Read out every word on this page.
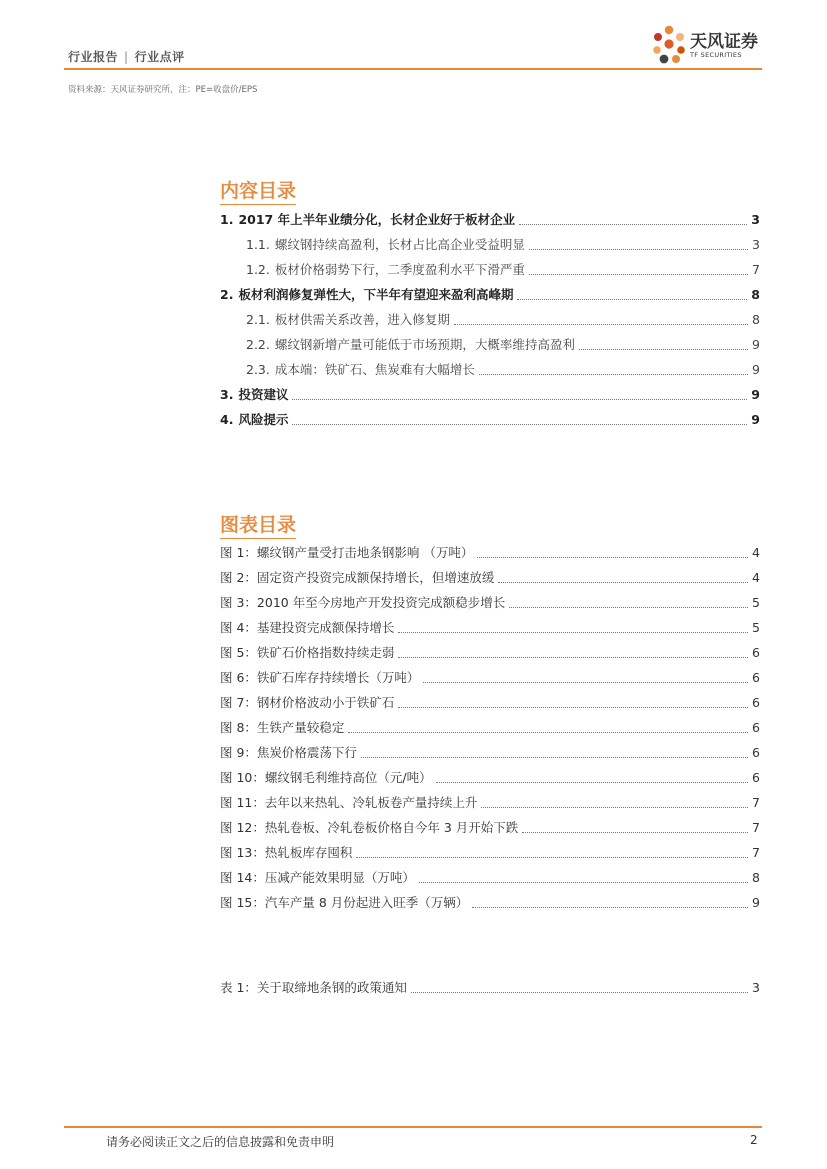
行业报告 | 行业点评
天风证券
TF SECURITIES
资料来源：天风证券研究所，注：PE=收盘价/EPS
内容目录
1. 2017 年上半年业绩分化，长材企业好于板材企业	3
1.1. 螺纹钢持续高盈利，长材占比高企业受益明显	3
1.2. 板材价格弱势下行，二季度盈利水平下滑严重	7
2. 板材利润修复弹性大，下半年有望迎来盈利高峰期	8
2.1. 板材供需关系改善，进入修复期	8
2.2. 螺纹钢新增产量可能低于市场预期，大概率维持高盈利	9
2.3. 成本端：铁矿石、焦炭难有大幅增长	9
3. 投资建议	9
4. 风险提示	9
图表目录
图 1：螺纹钢产量受打击地条钢影响 （万吨）	4
图 2：固定资产投资完成额保持增长，但增速放缓	4
图 3：2010 年至今房地产开发投资完成额稳步增长	5
图 4：基建投资完成额保持增长	5
图 5：铁矿石价格指数持续走弱	6
图 6：铁矿石库存持续增长（万吨）	6
图 7：钢材价格波动小于铁矿石	6
图 8：生铁产量较稳定	6
图 9：焦炭价格震荡下行	6
图 10：螺纹钢毛利维持高位（元/吨）	6
图 11：去年以来热轧、冷轧板卷产量持续上升	7
图 12：热轧卷板、冷轧卷板价格自今年 3 月开始下跌	7
图 13：热轧板库存囤积	7
图 14：压减产能效果明显（万吨）	8
图 15：汽车产量 8 月份起进入旺季（万辆）	9
表 1：关于取缔地条钢的政策通知	3
请务必阅读正文之后的信息披露和免责申明	2
